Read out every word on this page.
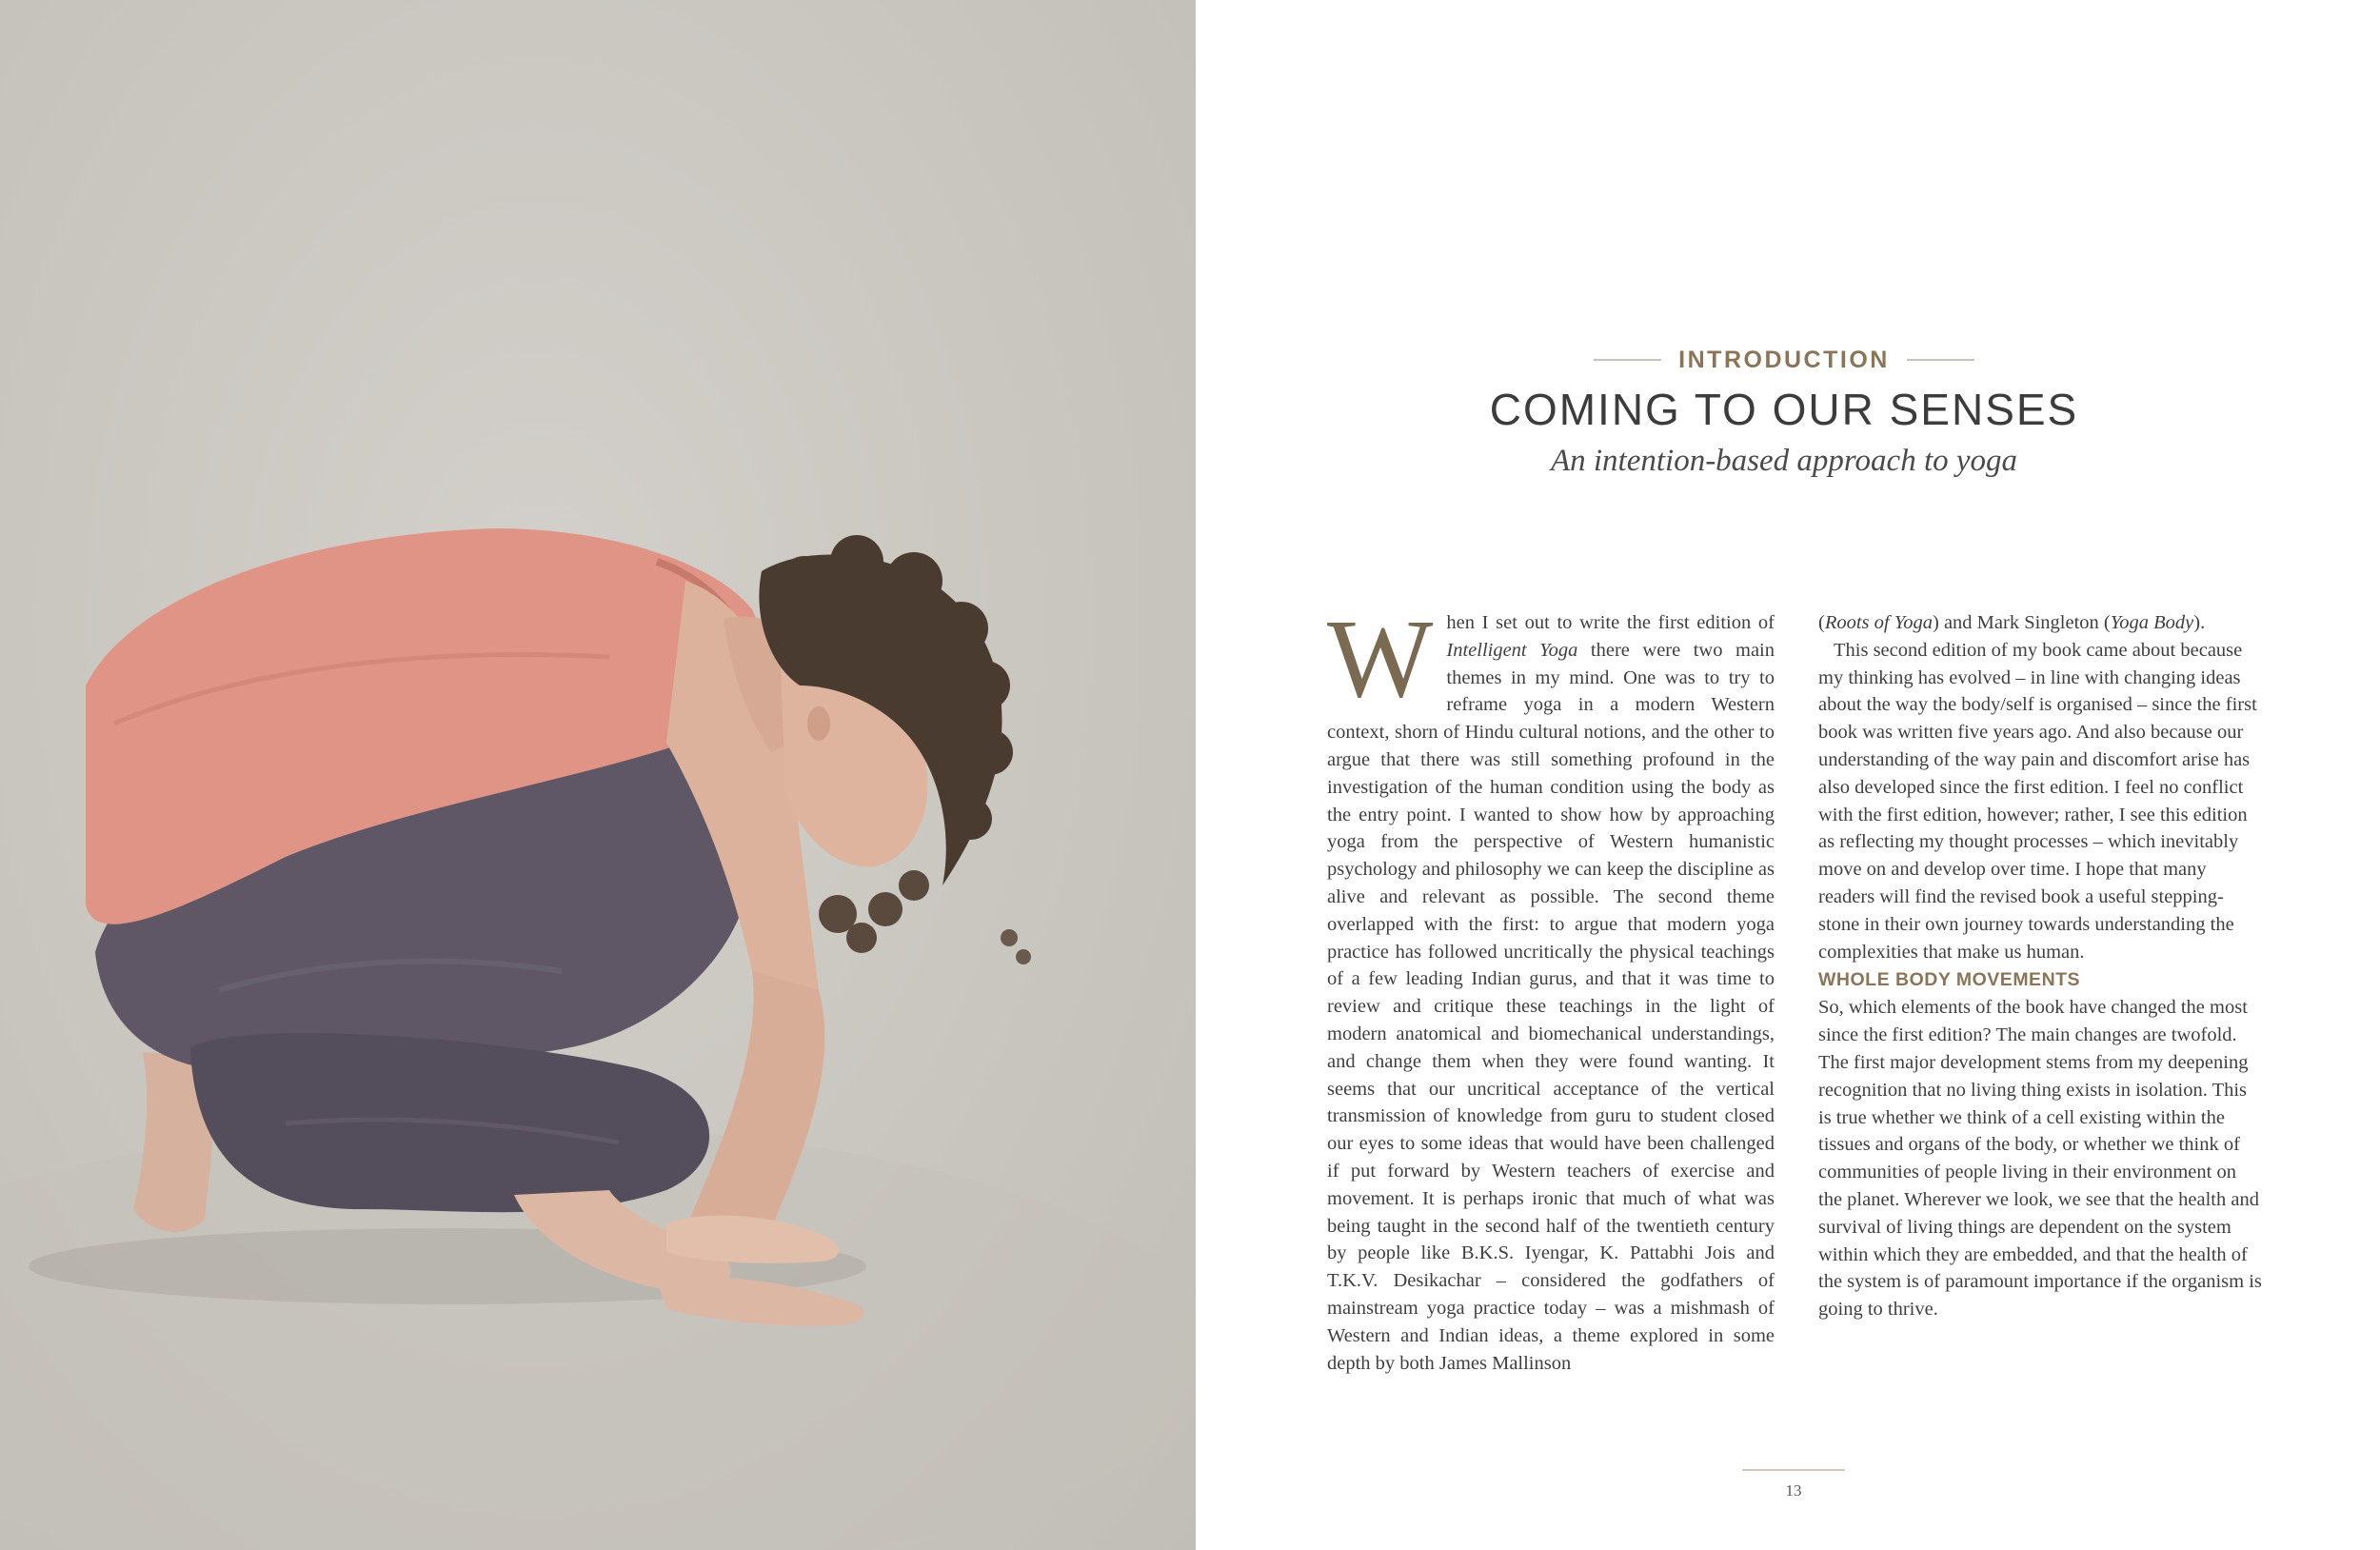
INTRODUCTION
COMING TO OUR SENSES

An intention-based approach to yoga

When I set out to write the first edition of Intelligent Yoga there were two main themes in my mind. One was to try to reframe yoga in a modern Western context, shorn of Hindu cultural notions, and the other to argue that there was still something profound in the investigation of the human condition using the body as the entry point. I wanted to show how by approaching yoga from the perspective of Western humanistic psychology and philosophy we can keep the discipline as alive and relevant as possible. The second theme overlapped with the first: to argue that modern yoga practice has followed uncritically the physical teachings of a few leading Indian gurus, and that it was time to review and critique these teachings in the light of modern anatomical and biomechanical understandings, and change them when they were found wanting. It seems that our uncritical acceptance of the vertical transmission of knowledge from guru to student closed our eyes to some ideas that would have been challenged if put forward by Western teachers of exercise and movement. It is perhaps ironic that much of what was being taught in the second half of the twentieth century by people like B.K.S. Iyengar, K. Pattabhi Jois and T.K.V. Desikachar – considered the godfathers of mainstream yoga practice today – was a mishmash of Western and Indian ideas, a theme explored in some depth by both James Mallinson

(Roots of Yoga) and Mark Singleton (Yoga Body).

This second edition of my book came about because my thinking has evolved – in line with changing ideas about the way the body/self is organised – since the first book was written five years ago. And also because our understanding of the way pain and discomfort arise has also developed since the first edition. I feel no conflict with the first edition, however; rather, I see this edition as reflecting my thought processes – which inevitably move on and develop over time. I hope that many readers will find the revised book a useful stepping-stone in their own journey towards understanding the complexities that make us human.

WHOLE BODY MOVEMENTS

So, which elements of the book have changed the most since the first edition? The main changes are twofold. The first major development stems from my deepening recognition that no living thing exists in isolation. This is true whether we think of a cell existing within the tissues and organs of the body, or whether we think of communities of people living in their environment on the planet. Wherever we look, we see that the health and survival of living things are dependent on the system within which they are embedded, and that the health of the system is of paramount importance if the organism is going to thrive.

13
